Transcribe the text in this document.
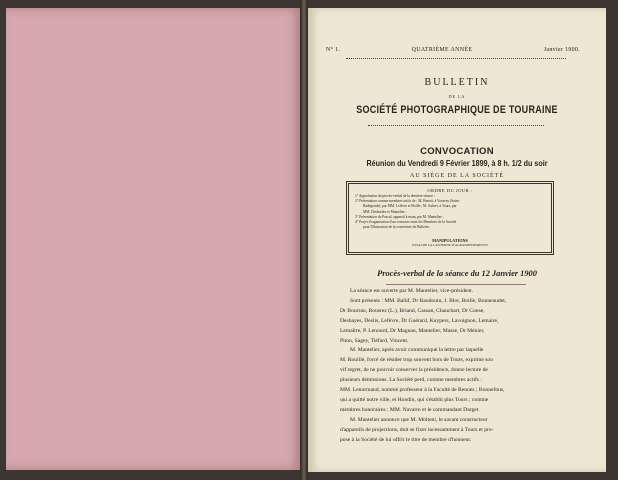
N° 1.	QUATRIÈME ANNÉE	Janvier 1900.
BULLETIN
DE LA
SOCIÉTÉ PHOTOGRAPHIQUE DE TOURAINE
CONVOCATION
Réunion du Vendredi 9 Février 1899, à 8 h. 1/2 du soir
AU SIÈGE DE LA SOCIÉTÉ
ORDRE DU JOUR :
1° Approbation du procès-verbal de la dernière séance ;
2° Présentation comme membres actifs de : M. Benoit, à Vouvray (Saint-
Radegonde), par MM. Lefèvre et Boille ; M. Aubert, à Tours, par
MM. Desbordes et Mantelier ;
3° Présentation du Pascal, appareil à main, par M. Mantelier ;
4° Projet d'organisation d'un concours entre les Membres de la Société
pour l'illustration de la couverture du Bulletin.
MANIPULATIONS
ESSAI DE LA LANTERNE D'AGRANDISSEMENTS
Procès-verbal de la séance du 12 Janvier 1900
La séance est ouverte par M. Mantelier, vice-président.
Sont présents : MM. Balüf, Dr Baudouin, J. Blot, Boille, Bonneaudet,
Dr Bourrau, Bousrez (L.), Briand, Cassan, Chauchart, Dr Conse,
Deshayes, Deslis, Lefèvre, Dr Guérard, Kuypers, Lavoignon, Lemaire,
Lemaître, P. Lenourd, Dr Magnan, Mantelier, Masse, Dr Ménier,
Piton, Sagey, Tiéfard, Vincent.
M. Mantelier, après avoir communiqué la lettre par laquelle
M. Rouillé, forcé de résider trop souvent hors de Tours, exprime son
vif regret, de ne pouvoir conserver la présidence, donne lecture de
plusieurs démissions. La Société perd, comme membres actifs :
MM. Lenormand, nommé professeur à la Faculté de Rennes ; Bonnefous,
qui a quitté notre ville, et Hondin, qui s'établit plus Tours ; comme
membres honoraires : MM. Navarre et le commandant Darget.
M. Mantelier annonce que M. Molteni, le savant constructeur
d'appareils de projections, doit se fixer incessamment à Tours et pro-
pose à la Société de lui offrir le titre de membre d'honneur.
